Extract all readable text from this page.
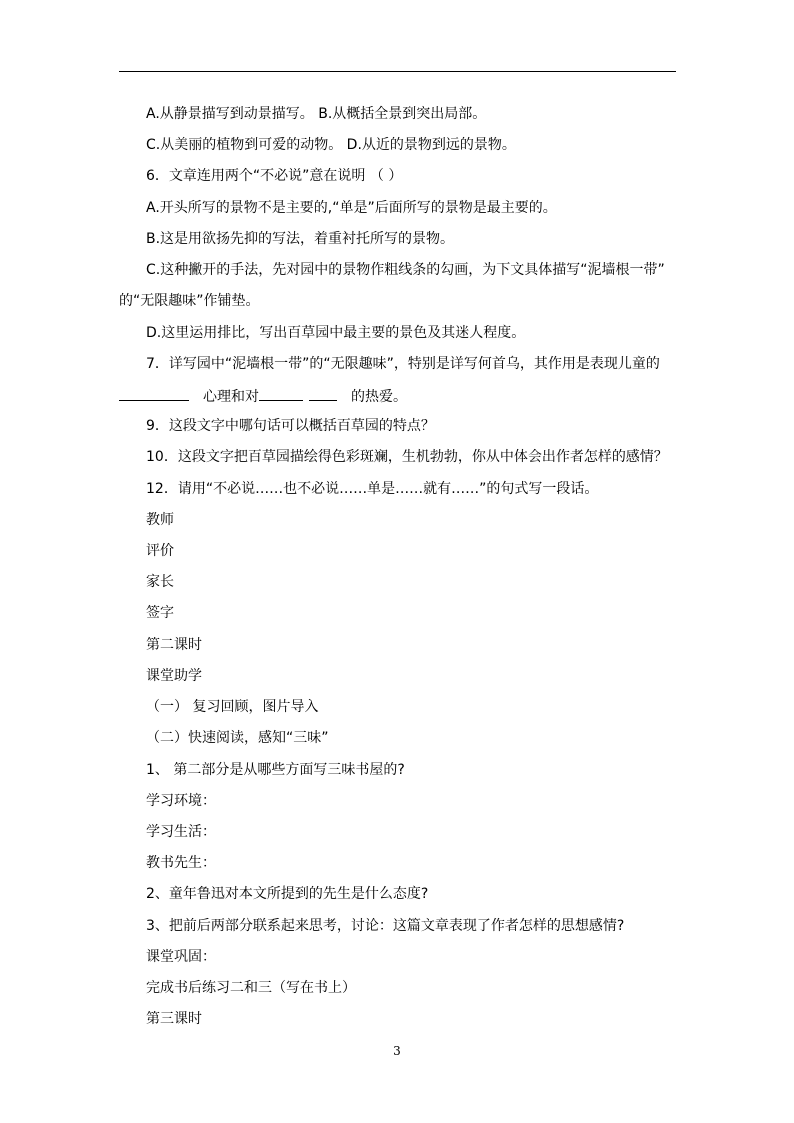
A.从静景描写到动景描写。 B.从概括全景到突出局部。
C.从美丽的植物到可爱的动物。 D.从近的景物到远的景物。
6．文章连用两个“不必说”意在说明 （ ）
A.开头所写的景物不是主要的,“单是”后面所写的景物是最主要的。
B.这是用欲扬先抑的写法，着重衬托所写的景物。
C.这种撇开的手法，先对园中的景物作粗线条的勾画，为下文具体描写“泥墙根一带”
的“无限趣味”作铺垫。
D.这里运用排比，写出百草园中最主要的景色及其迷人程度。
7．详写园中“泥墙根一带”的“无限趣味”，特别是详写何首乌，其作用是表现儿童的
心理和对	的热爱。
9．这段文字中哪句话可以概括百草园的特点？
10．这段文字把百草园描绘得色彩斑斓，生机勃勃，你从中体会出作者怎样的感情？
12．请用“不必说……也不必说……单是……就有……”的句式写一段话。
教师
评价
家长
签字
第二课时
课堂助学
（一） 复习回顾，图片导入
（二）快速阅读，感知“三味”
1、 第二部分是从哪些方面写三味书屋的?
学习环境：
学习生活：
教书先生：
2、童年鲁迅对本文所提到的先生是什么态度?
3、把前后两部分联系起来思考，讨论：这篇文章表现了作者怎样的思想感情?
课堂巩固：
完成书后练习二和三（写在书上）
第三课时
3
